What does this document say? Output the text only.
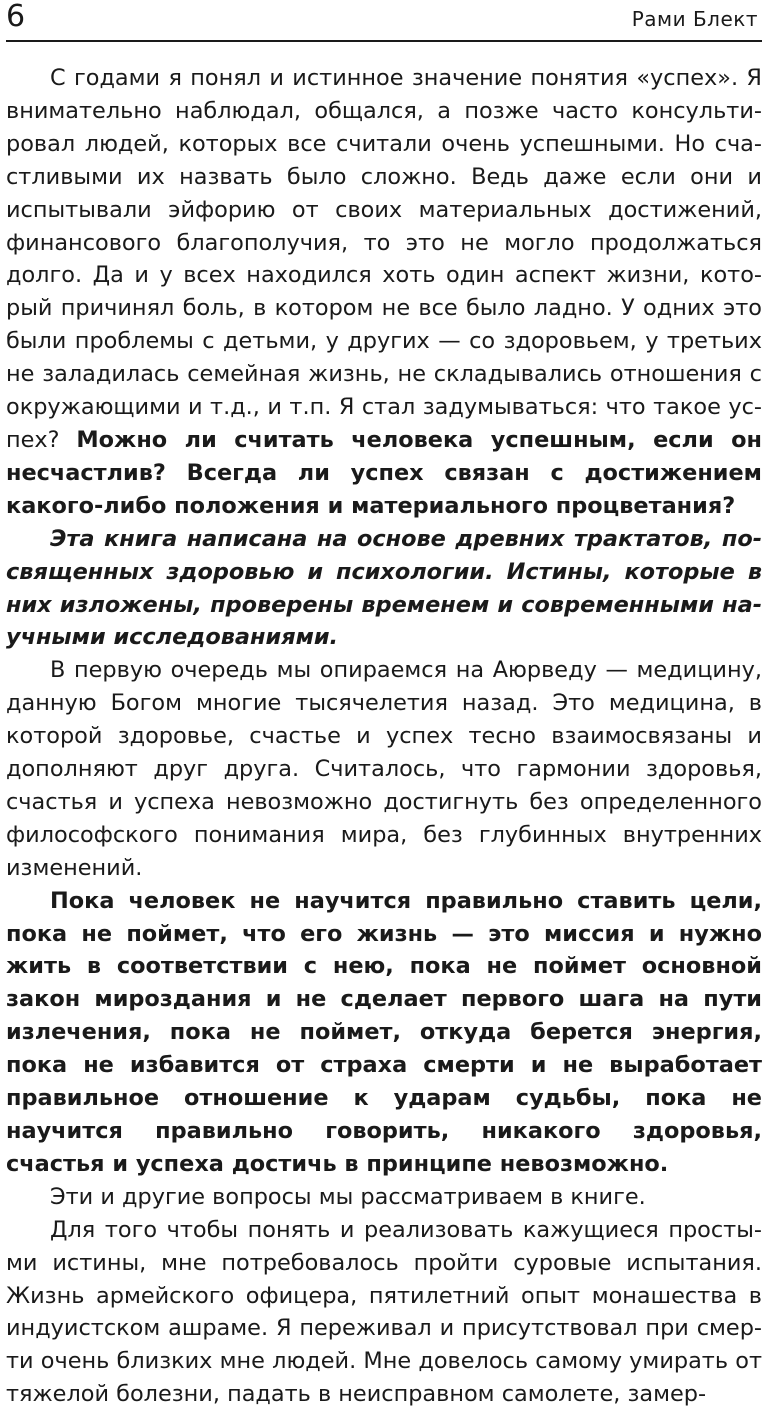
6	Рами Блект

С годами я понял и истинное значение понятия «успех». Я внимательно наблюдал, общался, а позже часто консультировал людей, которых все считали очень успешными. Но счастливыми их назвать было сложно. Ведь даже если они и испытывали эйфорию от своих материальных достижений, финансового благополучия, то это не могло продолжаться долго. Да и у всех находился хоть один аспект жизни, который причинял боль, в котором не все было ладно. У одних это были проблемы с детьми, у других — со здоровьем, у третьих не заладилась семейная жизнь, не складывались отношения с окружающими и т.д., и т.п. Я стал задумываться: что такое успех? Можно ли считать человека успешным, если он несчастлив? Всегда ли успех связан с достижением какого-либо положения и материального процветания?

Эта книга написана на основе древних трактатов, посвященных здоровью и психологии. Истины, которые в них изложены, проверены временем и современными научными исследованиями.

В первую очередь мы опираемся на Аюрведу — медицину, данную Богом многие тысячелетия назад. Это медицина, в которой здоровье, счастье и успех тесно взаимосвязаны и дополняют друг друга. Считалось, что гармонии здоровья, счастья и успеха невозможно достигнуть без определенного философского понимания мира, без глубинных внутренних изменений.

Пока человек не научится правильно ставить цели, пока не поймет, что его жизнь — это миссия и нужно жить в соответствии с нею, пока не поймет основной закон мироздания и не сделает первого шага на пути излечения, пока не поймет, откуда берется энергия, пока не избавится от страха смерти и не выработает правильное отношение к ударам судьбы, пока не научится правильно говорить, никакого здоровья, счастья и успеха достичь в принципе невозможно.

Эти и другие вопросы мы рассматриваем в книге.

Для того чтобы понять и реализовать кажущиеся простыми истины, мне потребовалось пройти суровые испытания. Жизнь армейского офицера, пятилетний опыт монашества в индуистском ашраме. Я переживал и присутствовал при смерти очень близких мне людей. Мне довелось самому умирать от тяжелой болезни, падать в неисправном самолете, замер-
